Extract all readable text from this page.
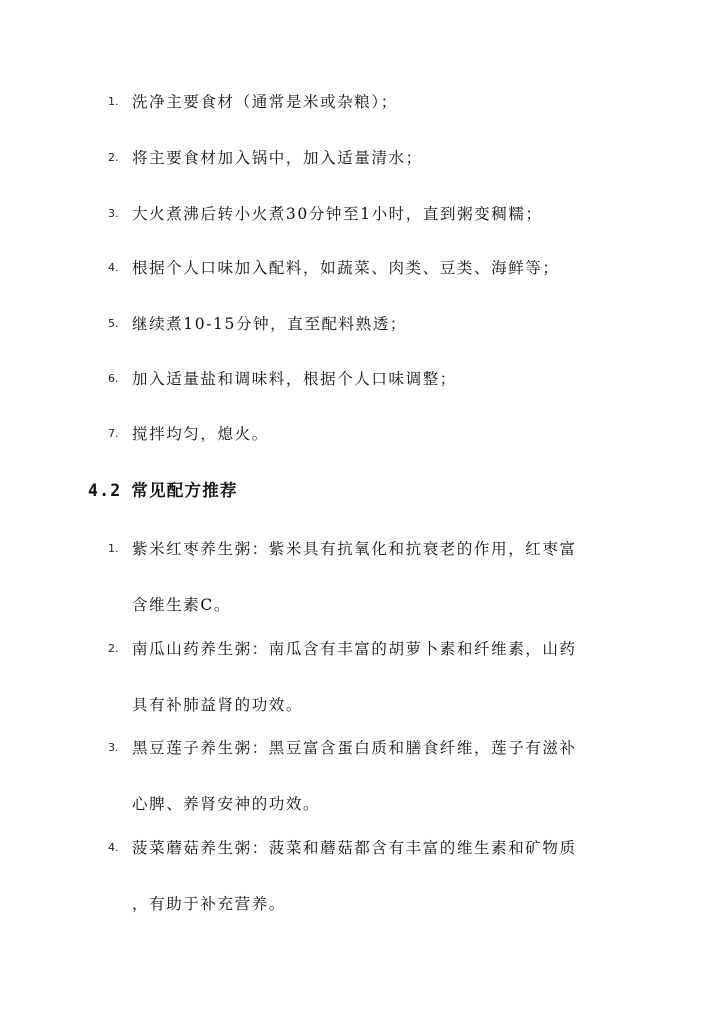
1. 洗净主要食材（通常是米或杂粮）；
2. 将主要食材加入锅中，加入适量清水；
3. 大火煮沸后转小火煮30分钟至1小时，直到粥变稠糯；
4. 根据个人口味加入配料，如蔬菜、肉类、豆类、海鲜等；
5. 继续煮10-15分钟，直至配料熟透；
6. 加入适量盐和调味料，根据个人口味调整；
7. 搅拌均匀，熄火。
4.2 常见配方推荐
1. 紫米红枣养生粥：紫米具有抗氧化和抗衰老的作用，红枣富
含维生素C。
2. 南瓜山药养生粥：南瓜含有丰富的胡萝卜素和纤维素，山药
具有补肺益肾的功效。
3. 黑豆莲子养生粥：黑豆富含蛋白质和膳食纤维，莲子有滋补
心脾、养肾安神的功效。
4. 菠菜蘑菇养生粥：菠菜和蘑菇都含有丰富的维生素和矿物质
，有助于补充营养。
